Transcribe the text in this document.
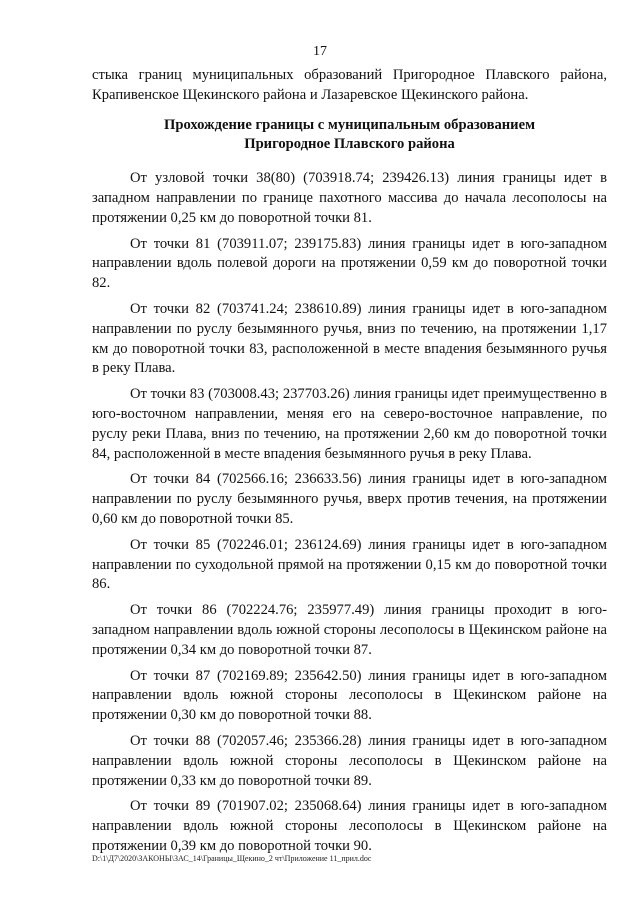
17

стыка границ муниципальных образований Пригородное Плавского района, Крапивенское Щекинского района и Лазаревское Щекинского района.

Прохождение границы с муниципальным образованием
Пригородное Плавского района

От узловой точки 38(80) (703918.74; 239426.13) линия границы идет в западном направлении по границе пахотного массива до начала лесополосы на протяжении 0,25 км до поворотной точки 81.

От точки 81 (703911.07; 239175.83) линия границы идет в юго-западном направлении вдоль полевой дороги на протяжении 0,59 км до поворотной точки 82.

От точки 82 (703741.24; 238610.89) линия границы идет в юго-западном направлении по руслу безымянного ручья, вниз по течению, на протяжении 1,17 км до поворотной точки 83, расположенной в месте впадения безымянного ручья в реку Плава.

От точки 83 (703008.43; 237703.26) линия границы идет преимущественно в юго-восточном направлении, меняя его на северо-восточное направление, по руслу реки Плава, вниз по течению, на протяжении 2,60 км до поворотной точки 84, расположенной в месте впадения безымянного ручья в реку Плава.

От точки 84 (702566.16; 236633.56) линия границы идет в юго-западном направлении по руслу безымянного ручья, вверх против течения, на протяжении 0,60 км до поворотной точки 85.

От точки 85 (702246.01; 236124.69) линия границы идет в юго-западном направлении по суходольной прямой на протяжении 0,15 км до поворотной точки 86.

От точки 86 (702224.76; 235977.49) линия границы проходит в юго-западном направлении вдоль южной стороны лесополосы в Щекинском районе на протяжении 0,34 км до поворотной точки 87.

От точки 87 (702169.89; 235642.50) линия границы идет в юго-западном направлении вдоль южной стороны лесополосы в Щекинском районе на протяжении 0,30 км до поворотной точки 88.

От точки 88 (702057.46; 235366.28) линия границы идет в юго-западном направлении вдоль южной стороны лесополосы в Щекинском районе на протяжении 0,33 км до поворотной точки 89.

От точки 89 (701907.02; 235068.64) линия границы идет в юго-западном направлении вдоль южной стороны лесополосы в Щекинском районе на протяжении 0,39 км до поворотной точки 90.

D:\1\Д7\2020\ЗАКОНЫ\ЗАС_14\Границы_Щекино_2 чт\Приложение 11_прил.doc
